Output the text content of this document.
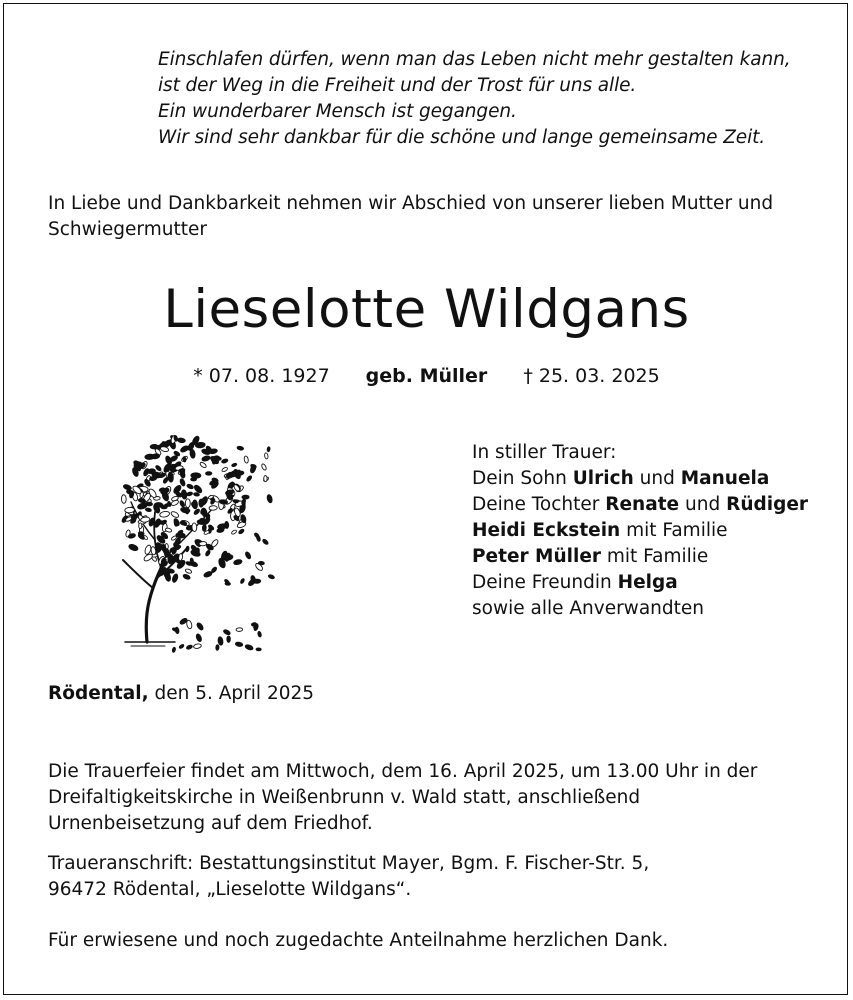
Einschlafen dürfen, wenn man das Leben nicht mehr gestalten kann,
ist der Weg in die Freiheit und der Trost für uns alle.
Ein wunderbarer Mensch ist gegangen.
Wir sind sehr dankbar für die schöne und lange gemeinsame Zeit.
In Liebe und Dankbarkeit nehmen wir Abschied von unserer lieben Mutter und
Schwiegermutter
Lieselotte Wildgans
* 07. 08. 1927 geb. Müller † 25. 03. 2025
In stiller Trauer:
Dein Sohn Ulrich und Manuela
Deine Tochter Renate und Rüdiger
Heidi Eckstein mit Familie
Peter Müller mit Familie
Deine Freundin Helga
sowie alle Anverwandten
Rödental, den 5. April 2025
Die Trauerfeier findet am Mittwoch, dem 16. April 2025, um 13.00 Uhr in der
Dreifaltigkeitskirche in Weißenbrunn v. Wald statt, anschließend
Urnenbeisetzung auf dem Friedhof.
Traueranschrift: Bestattungsinstitut Mayer, Bgm. F. Fischer-Str. 5,
96472 Rödental, „Lieselotte Wildgans“.
Für erwiesene und noch zugedachte Anteilnahme herzlichen Dank.
